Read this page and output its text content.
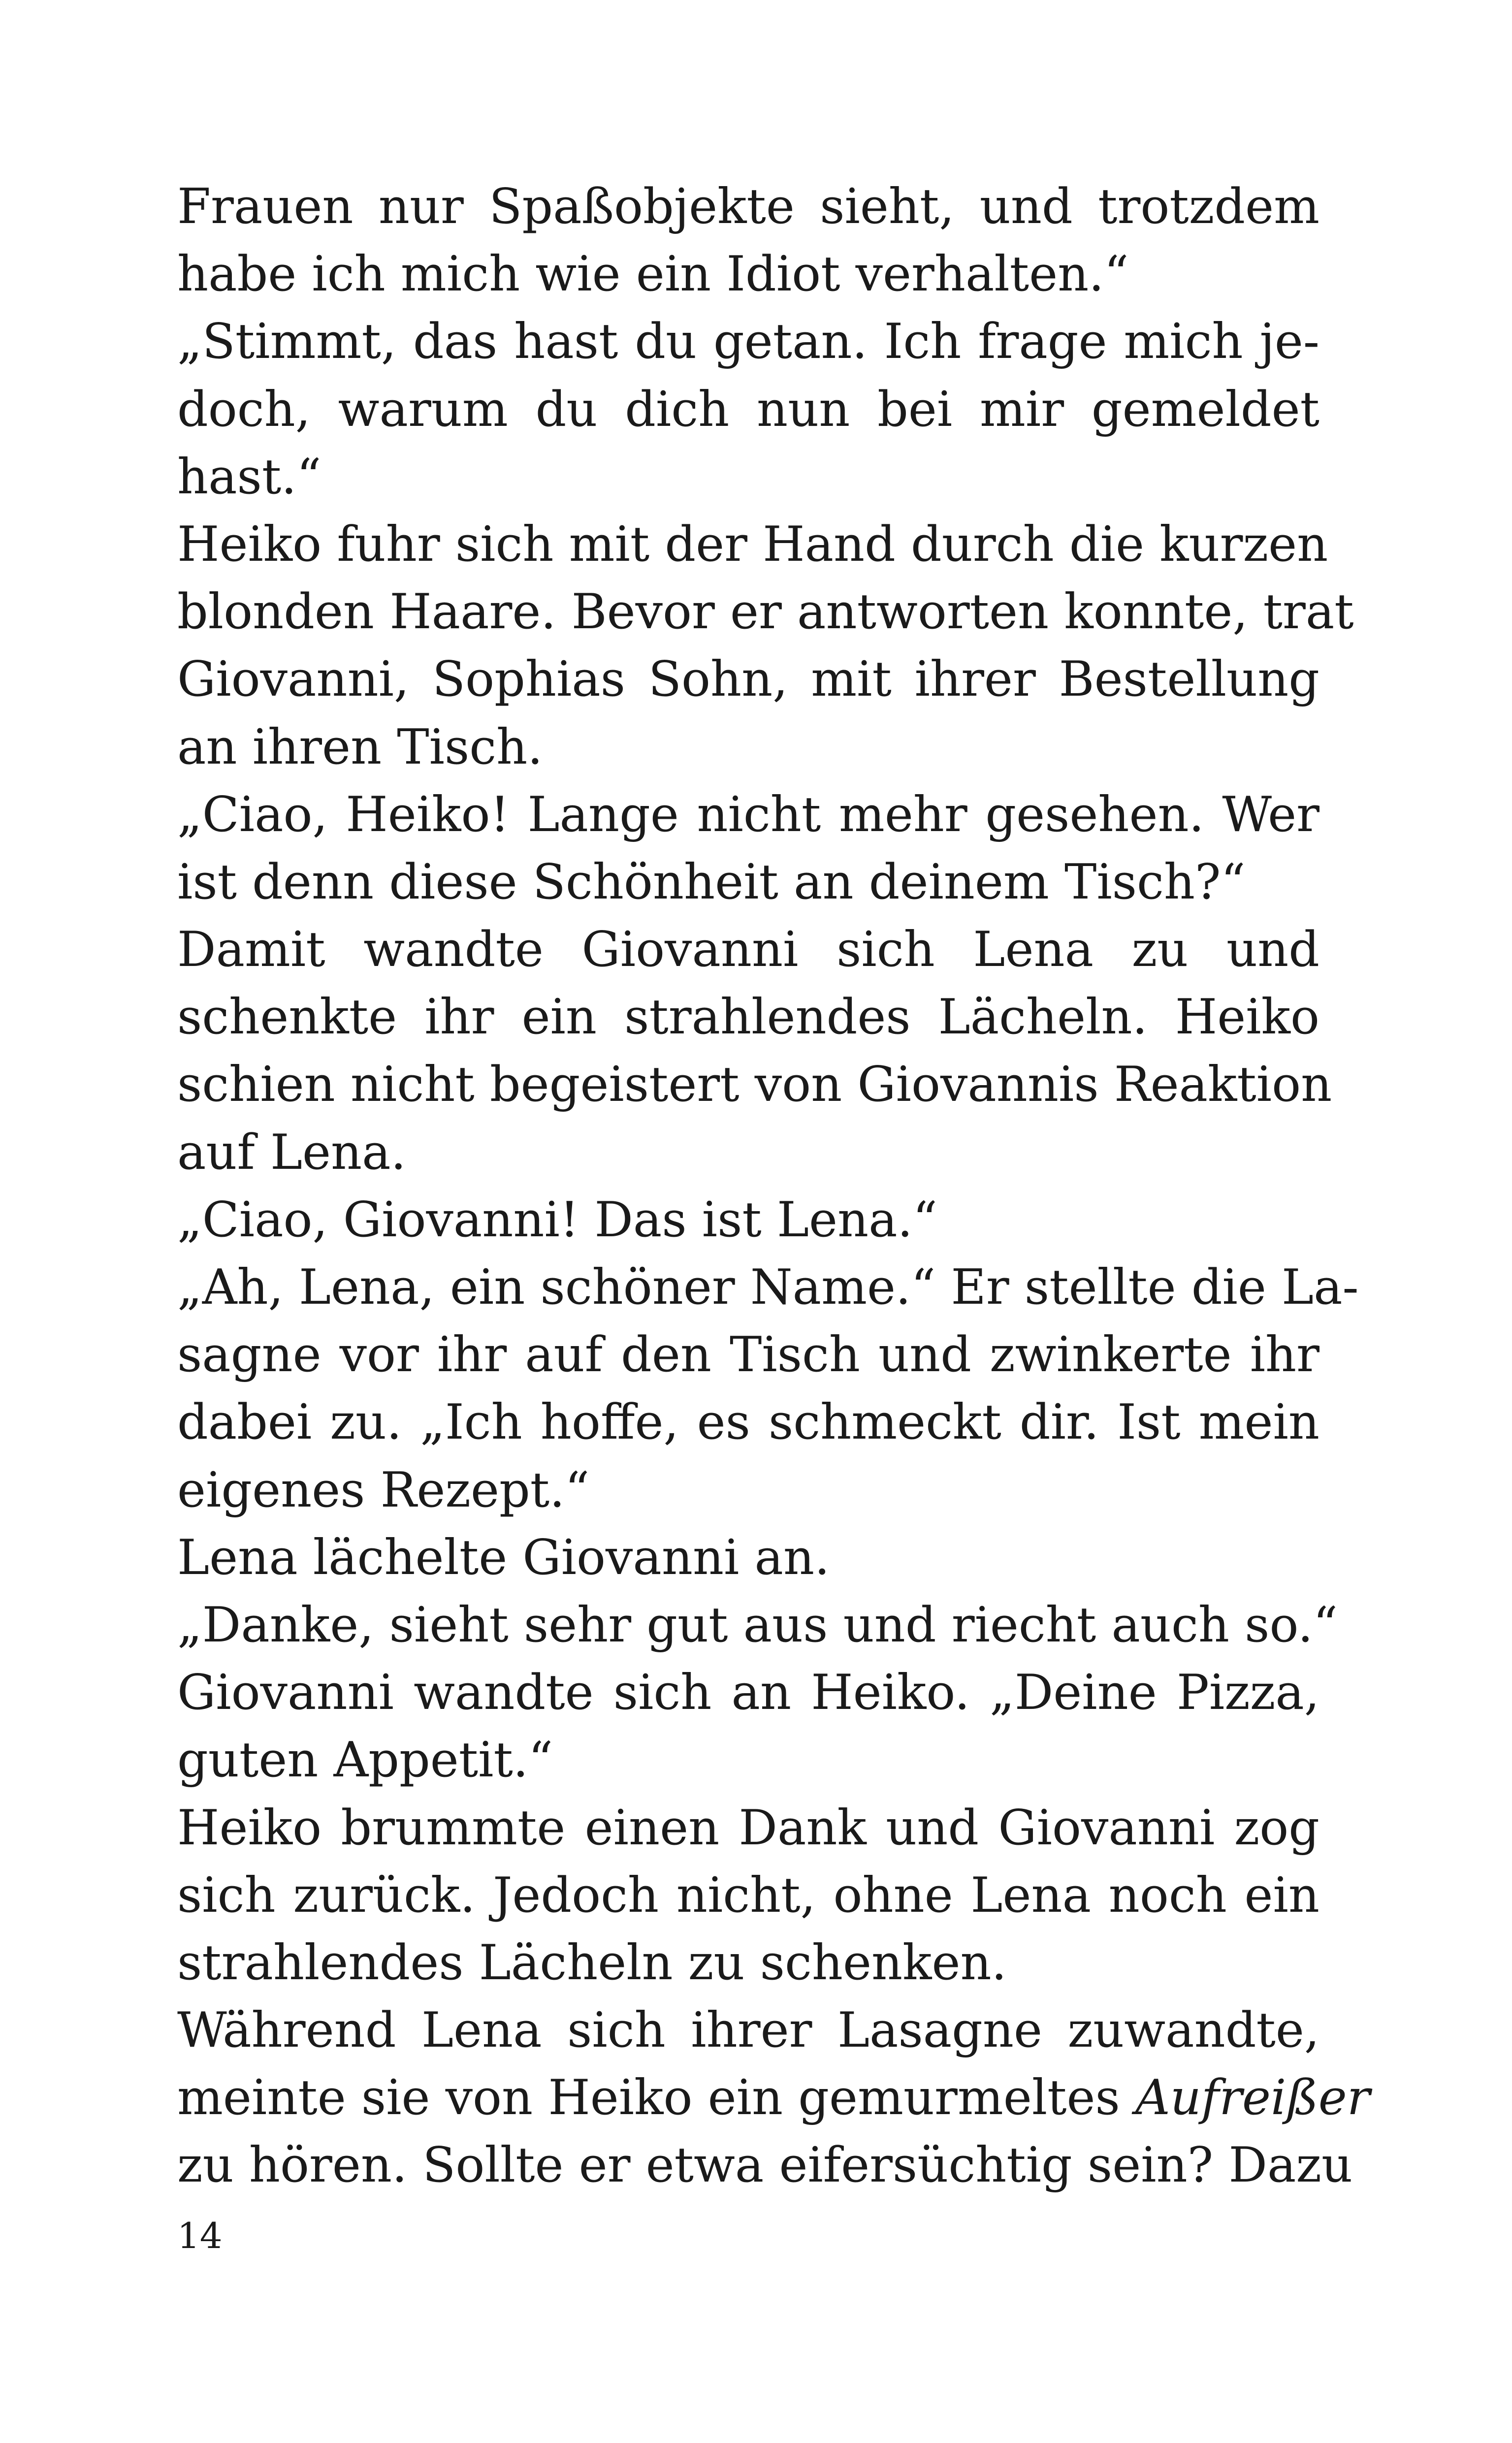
Frauen nur Spaßobjekte sieht, und trotzdem
habe ich mich wie ein Idiot verhalten.“
„Stimmt, das hast du getan. Ich frage mich je-
doch, warum du dich nun bei mir gemeldet
hast.“
Heiko fuhr sich mit der Hand durch die kurzen
blonden Haare. Bevor er antworten konnte, trat
Giovanni, Sophias Sohn, mit ihrer Bestellung
an ihren Tisch.
„Ciao, Heiko! Lange nicht mehr gesehen. Wer
ist denn diese Schönheit an deinem Tisch?“
Damit wandte Giovanni sich Lena zu und
schenkte ihr ein strahlendes Lächeln. Heiko
schien nicht begeistert von Giovannis Reaktion
auf Lena.
„Ciao, Giovanni! Das ist Lena.“
„Ah, Lena, ein schöner Name.“ Er stellte die La-
sagne vor ihr auf den Tisch und zwinkerte ihr
dabei zu. „Ich hoffe, es schmeckt dir. Ist mein
eigenes Rezept.“
Lena lächelte Giovanni an.
„Danke, sieht sehr gut aus und riecht auch so.“
Giovanni wandte sich an Heiko. „Deine Pizza,
guten Appetit.“
Heiko brummte einen Dank und Giovanni zog
sich zurück. Jedoch nicht, ohne Lena noch ein
strahlendes Lächeln zu schenken.
Während Lena sich ihrer Lasagne zuwandte,
meinte sie von Heiko ein gemurmeltes Aufreißer
zu hören. Sollte er etwa eifersüchtig sein? Dazu
14
